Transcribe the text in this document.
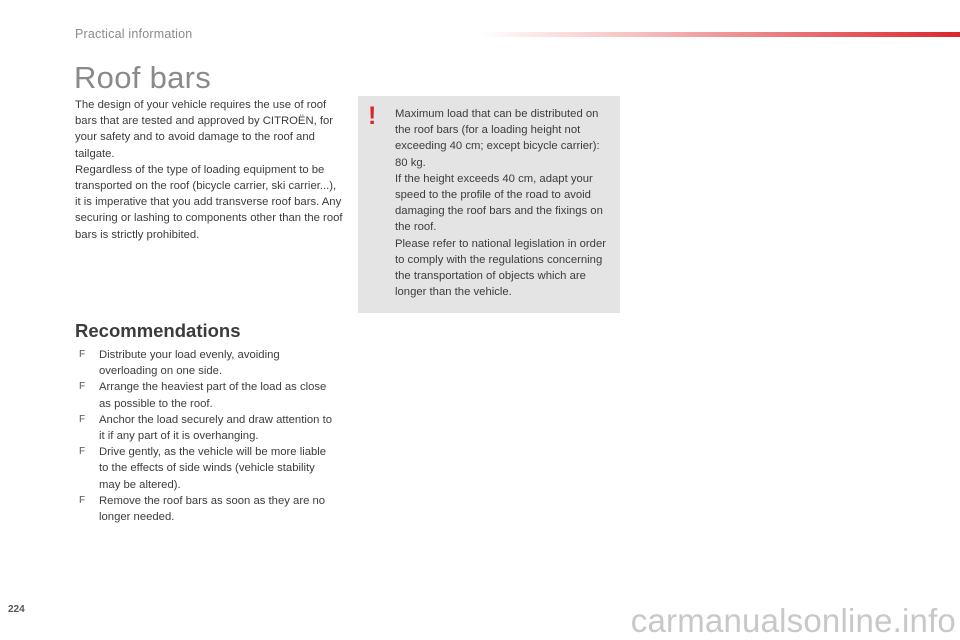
Practical information
Roof bars

The design of your vehicle requires the use of roof bars that are tested and approved by CITROËN, for your safety and to avoid damage to the roof and tailgate.

Regardless of the type of loading equipment to be transported on the roof (bicycle carrier, ski carrier...), it is imperative that you add transverse roof bars. Any securing or lashing to components other than the roof bars is strictly prohibited.

! Maximum load that can be distributed on the roof bars (for a loading height not exceeding 40 cm; except bicycle carrier): 80 kg.

If the height exceeds 40 cm, adapt your speed to the profile of the road to avoid damaging the roof bars and the fixings on the roof.

Please refer to national legislation in order to comply with the regulations concerning the transportation of objects which are longer than the vehicle.

Recommendations
F Distribute your load evenly, avoiding overloading on one side.
F Arrange the heaviest part of the load as close as possible to the roof.
F Anchor the load securely and draw attention to it if any part of it is overhanging.
F Drive gently, as the vehicle will be more liable to the effects of side winds (vehicle stability may be altered).
F Remove the roof bars as soon as they are no longer needed.
224	carmanualsonline.info
